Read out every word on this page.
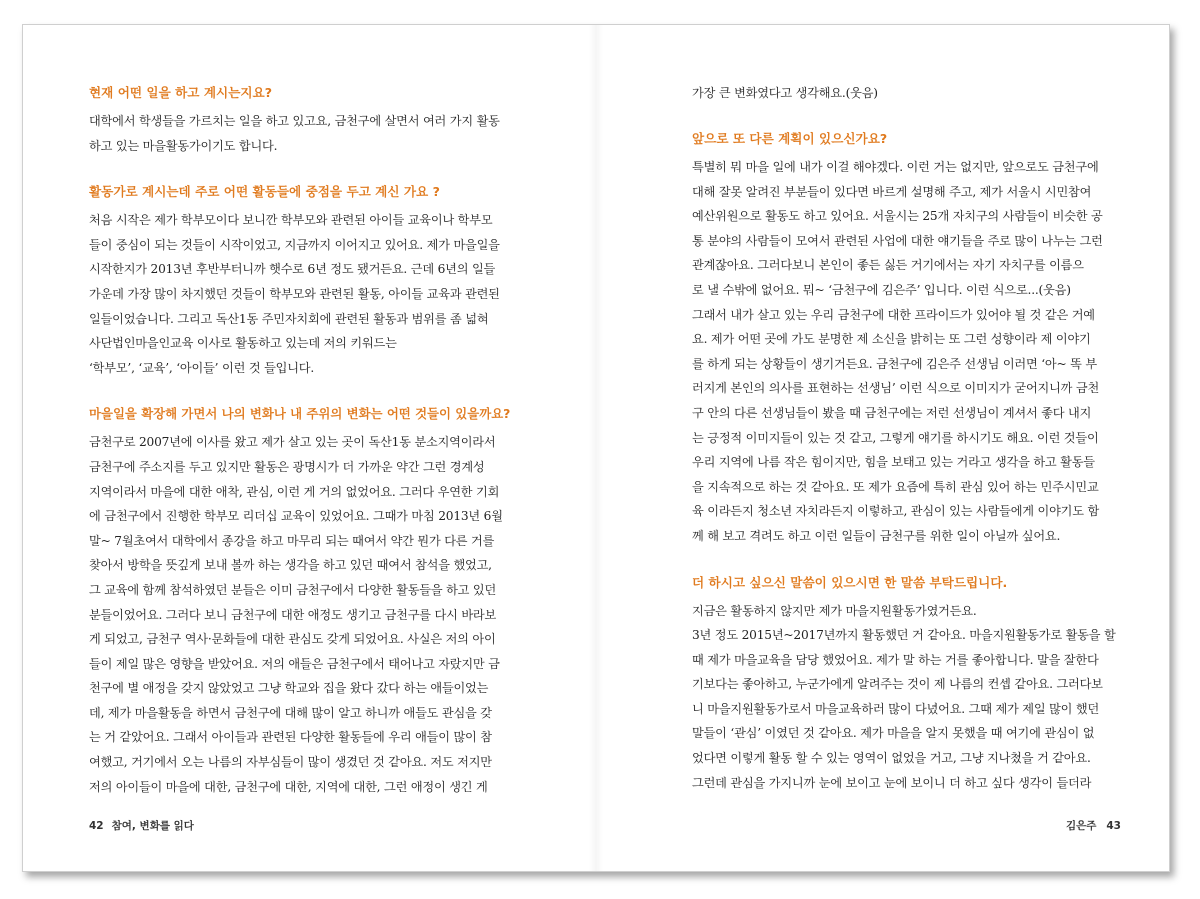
현재 어떤 일을 하고 계시는지요?
대학에서 학생들을 가르치는 일을 하고 있고요, 금천구에 살면서 여러 가지 활동
하고 있는 마을활동가이기도 합니다.
활동가로 계시는데 주로 어떤 활동들에 중점을 두고 계신 가요 ?
처음 시작은 제가 학부모이다 보니깐 학부모와 관련된 아이들 교육이나 학부모
들이 중심이 되는 것들이 시작이었고, 지금까지 이어지고 있어요. 제가 마을일을
시작한지가 2013년 후반부터니까 햇수로 6년 정도 됐거든요. 근데 6년의 일들
가운데 가장 많이 차지했던 것들이 학부모와 관련된 활동, 아이들 교육과 관련된
일들이었습니다. 그리고 독산1동 주민자치회에 관련된 활동과 범위를 좀 넓혀
사단법인마을인교육 이사로 활동하고 있는데 저의 키워드는
‘학부모’, ‘교육’, ‘아이들’ 이런 것 들입니다.
마을일을 확장해 가면서 나의 변화나 내 주위의 변화는 어떤 것들이 있을까요?
금천구로 2007년에 이사를 왔고 제가 살고 있는 곳이 독산1동 분소지역이라서
금천구에 주소지를 두고 있지만 활동은 광명시가 더 가까운 약간 그런 경계성
지역이라서 마을에 대한 애착, 관심, 이런 게 거의 없었어요. 그러다 우연한 기회
에 금천구에서 진행한 학부모 리더십 교육이 있었어요. 그때가 마침 2013년 6월
말~ 7월초여서 대학에서 종강을 하고 마무리 되는 때여서 약간 뭔가 다른 거를
찾아서 방학을 뜻깊게 보내 볼까 하는 생각을 하고 있던 때여서 참석을 했었고,
그 교육에 함께 참석하였던 분들은 이미 금천구에서 다양한 활동들을 하고 있던
분들이었어요. 그러다 보니 금천구에 대한 애정도 생기고 금천구를 다시 바라보
게 되었고, 금천구 역사·문화들에 대한 관심도 갖게 되었어요. 사실은 저의 아이
들이 제일 많은 영향을 받았어요. 저의 애들은 금천구에서 태어나고 자랐지만 금
천구에 별 애정을 갖지 않았었고 그냥 학교와 집을 왔다 갔다 하는 애들이었는
데, 제가 마을활동을 하면서 금천구에 대해 많이 알고 하니까 애들도 관심을 갖
는 거 같았어요. 그래서 아이들과 관련된 다양한 활동들에 우리 애들이 많이 참
여했고, 거기에서 오는 나름의 자부심들이 많이 생겼던 것 같아요. 저도 저지만
저의 아이들이 마을에 대한, 금천구에 대한, 지역에 대한, 그런 애정이 생긴 게
42 참여, 변화를 읽다
가장 큰 변화였다고 생각해요.(웃음)
앞으로 또 다른 계획이 있으신가요?
특별히 뭐 마을 일에 내가 이걸 해야겠다. 이런 거는 없지만, 앞으로도 금천구에
대해 잘못 알려진 부분들이 있다면 바르게 설명해 주고, 제가 서울시 시민참여
예산위원으로 활동도 하고 있어요. 서울시는 25개 자치구의 사람들이 비슷한 공
통 분야의 사람들이 모여서 관련된 사업에 대한 얘기들을 주로 많이 나누는 그런
관계잖아요. 그러다보니 본인이 좋든 싫든 거기에서는 자기 자치구를 이름으
로 낼 수밖에 없어요. 뭐~ ‘금천구에 김은주’ 입니다. 이런 식으로...(웃음)
그래서 내가 살고 있는 우리 금천구에 대한 프라이드가 있어야 될 것 같은 거예
요. 제가 어떤 곳에 가도 분명한 제 소신을 밝히는 또 그런 성향이라 제 이야기
를 하게 되는 상황들이 생기거든요. 금천구에 김은주 선생님 이러면 ‘아~ 똑 부
러지게 본인의 의사를 표현하는 선생님’ 이런 식으로 이미지가 굳어지니까 금천
구 안의 다른 선생님들이 봤을 때 금천구에는 저런 선생님이 계셔서 좋다 내지
는 긍정적 이미지들이 있는 것 같고, 그렇게 얘기를 하시기도 해요. 이런 것들이
우리 지역에 나름 작은 힘이지만, 힘을 보태고 있는 거라고 생각을 하고 활동들
을 지속적으로 하는 것 같아요. 또 제가 요즘에 특히 관심 있어 하는 민주시민교
육 이라든지 청소년 자치라든지 이렇하고, 관심이 있는 사람들에게 이야기도 함
께 해 보고 격려도 하고 이런 일들이 금천구를 위한 일이 아닐까 싶어요.
더 하시고 싶으신 말씀이 있으시면 한 말씀 부탁드립니다.
지금은 활동하지 않지만 제가 마을지원활동가였거든요.
3년 정도 2015년~2017년까지 활동했던 거 같아요. 마을지원활동가로 활동을 할
때 제가 마을교육을 담당 했었어요. 제가 말 하는 거를 좋아합니다. 말을 잘한다
기보다는 좋아하고, 누군가에게 알려주는 것이 제 나름의 컨셉 같아요. 그러다보
니 마을지원활동가로서 마을교육하러 많이 다녔어요. 그때 제가 제일 많이 했던
말들이 ‘관심’ 이였던 것 같아요. 제가 마을을 알지 못했을 때 여기에 관심이 없
었다면 이렇게 활동 할 수 있는 영역이 없었을 거고, 그냥 지나쳤을 거 같아요.
그런데 관심을 가지니까 눈에 보이고 눈에 보이니 더 하고 싶다 생각이 들더라
김은주 43
